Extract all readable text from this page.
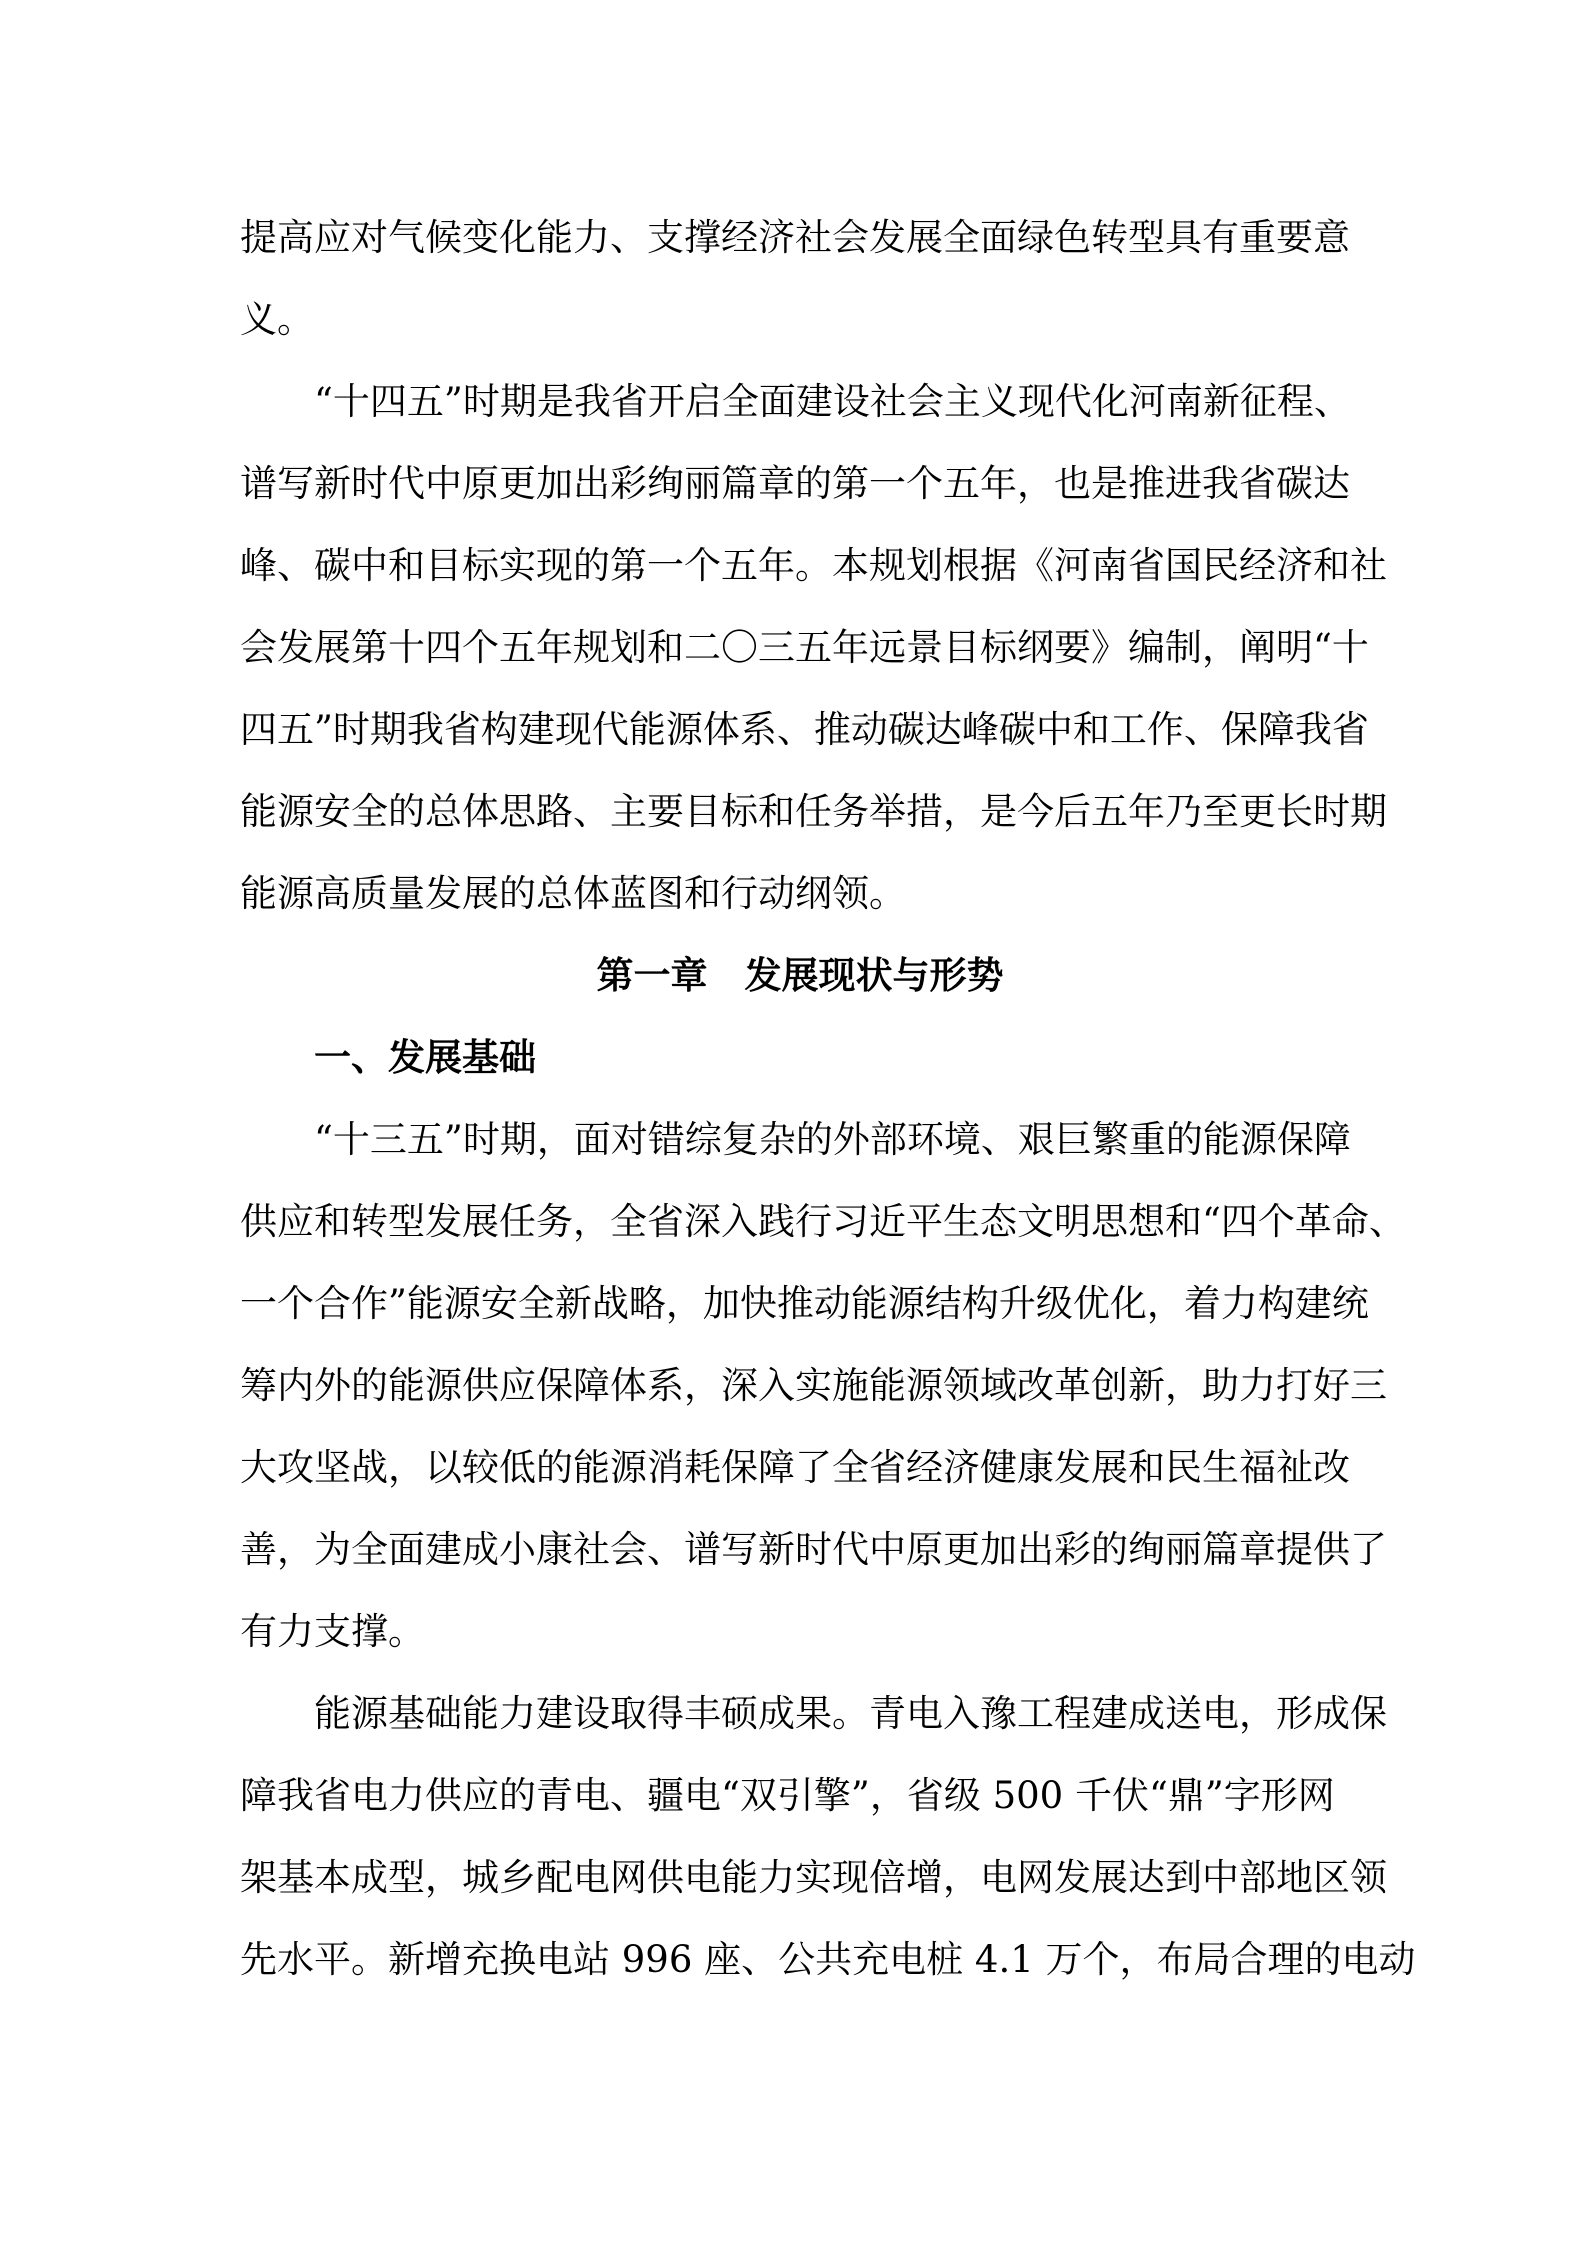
提高应对气候变化能力、支撑经济社会发展全面绿色转型具有重要意
义。
“十四五”时期是我省开启全面建设社会主义现代化河南新征程、
谱写新时代中原更加出彩绚丽篇章的第一个五年，也是推进我省碳达
峰、碳中和目标实现的第一个五年。本规划根据《河南省国民经济和社
会发展第十四个五年规划和二〇三五年远景目标纲要》编制，阐明“十
四五”时期我省构建现代能源体系、推动碳达峰碳中和工作、保障我省
能源安全的总体思路、主要目标和任务举措，是今后五年乃至更长时期
能源高质量发展的总体蓝图和行动纲领。
第一章　发展现状与形势
一、发展基础
“十三五”时期，面对错综复杂的外部环境、艰巨繁重的能源保障
供应和转型发展任务，全省深入践行习近平生态文明思想和“四个革命、
一个合作”能源安全新战略，加快推动能源结构升级优化，着力构建统
筹内外的能源供应保障体系，深入实施能源领域改革创新，助力打好三
大攻坚战，以较低的能源消耗保障了全省经济健康发展和民生福祉改
善，为全面建成小康社会、谱写新时代中原更加出彩的绚丽篇章提供了
有力支撑。
能源基础能力建设取得丰硕成果。青电入豫工程建成送电，形成保
障我省电力供应的青电、疆电“双引擎”，省级 500 千伏“鼎”字形网
架基本成型，城乡配电网供电能力实现倍增，电网发展达到中部地区领
先水平。新增充换电站 996 座、公共充电桩 4.1 万个，布局合理的电动
